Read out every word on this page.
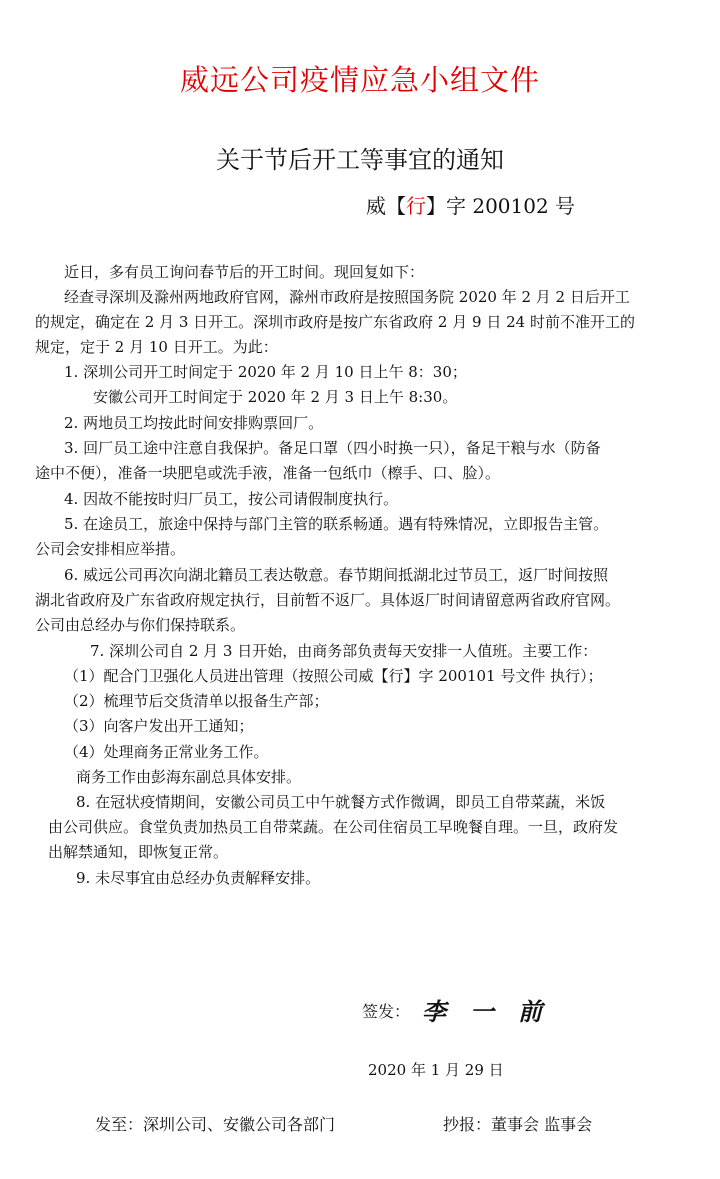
威远公司疫情应急小组文件
关于节后开工等事宜的通知
威【行】字 200102 号
近日，多有员工询问春节后的开工时间。现回复如下：
经查寻深圳及滁州两地政府官网，滁州市政府是按照国务院 2020 年 2 月 2 日后开工
的规定，确定在 2 月 3 日开工。深圳市政府是按广东省政府 2 月 9 日 24 时前不准开工的
规定，定于 2 月 10 日开工。为此：
1. 深圳公司开工时间定于 2020 年 2 月 10 日上午 8：30；
安徽公司开工时间定于 2020 年 2 月 3 日上午 8:30。
2. 两地员工均按此时间安排购票回厂。
3. 回厂员工途中注意自我保护。备足口罩（四小时换一只），备足干粮与水（防备
途中不便），准备一块肥皂或洗手液，准备一包纸巾（檫手、口、脸）。
4. 因故不能按时归厂员工，按公司请假制度执行。
5. 在途员工，旅途中保持与部门主管的联系畅通。遇有特殊情况，立即报告主管。
公司会安排相应举措。
6. 威远公司再次向湖北籍员工表达敬意。春节期间抵湖北过节员工，返厂时间按照
湖北省政府及广东省政府规定执行，目前暂不返厂。具体返厂时间请留意两省政府官网。
公司由总经办与你们保持联系。
7. 深圳公司自 2 月 3 日开始，由商务部负责每天安排一人值班。主要工作：
（1）配合门卫强化人员进出管理（按照公司威【行】字 200101 号文件 执行）；
（2）梳理节后交货清单以报备生产部；
（3）向客户发出开工通知；
（4）处理商务正常业务工作。
商务工作由彭海东副总具体安排。
8. 在冠状疫情期间，安徽公司员工中午就餐方式作微调，即员工自带菜蔬，米饭
由公司供应。食堂负责加热员工自带菜蔬。在公司住宿员工早晚餐自理。一旦，政府发
出解禁通知，即恢复正常。
9. 未尽事宜由总经办负责解释安排。
签发： 李一前
2020 年 1 月 29 日
发至：深圳公司、安徽公司各部门	抄报：董事会 监事会
